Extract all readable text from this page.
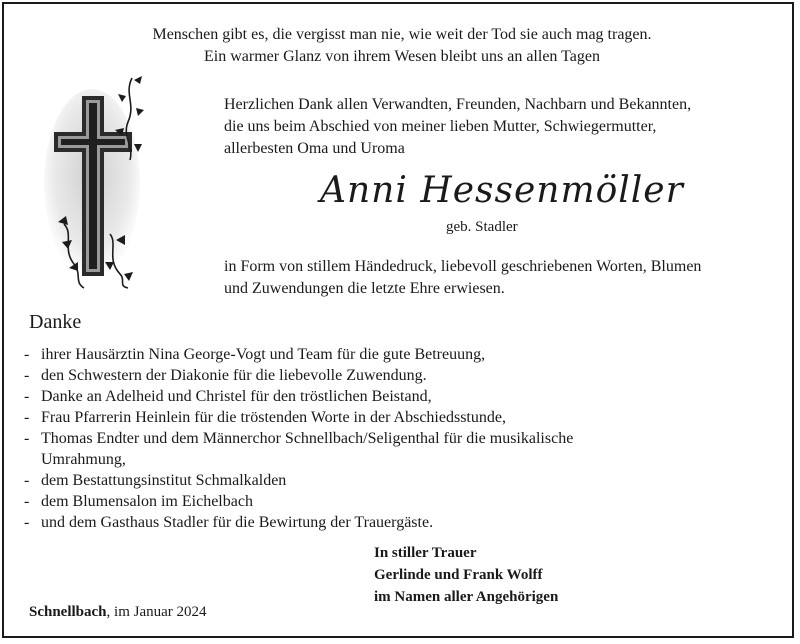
Menschen gibt es, die vergisst man nie, wie weit der Tod sie auch mag tragen.
Ein warmer Glanz von ihrem Wesen bleibt uns an allen Tagen
Herzlichen Dank allen Verwandten, Freunden, Nachbarn und Bekannten,
die uns beim Abschied von meiner lieben Mutter, Schwiegermutter,
allerbesten Oma und Uroma
Anni Hessenmöller
geb. Stadler
in Form von stillem Händedruck, liebevoll geschriebenen Worten, Blumen
und Zuwendungen die letzte Ehre erwiesen.
Danke
- ihrer Hausärztin Nina George-Vogt und Team für die gute Betreuung,
- den Schwestern der Diakonie für die liebevolle Zuwendung.
- Danke an Adelheid und Christel für den tröstlichen Beistand,
- Frau Pfarrerin Heinlein für die tröstenden Worte in der Abschiedsstunde,
- Thomas Endter und dem Männerchor Schnellbach/Seligenthal für die musikalische
Umrahmung,
- dem Bestattungsinstitut Schmalkalden
- dem Blumensalon im Eichelbach
- und dem Gasthaus Stadler für die Bewirtung der Trauergäste.
In stiller Trauer
Gerlinde und Frank Wolff
im Namen aller Angehörigen
Schnellbach, im Januar 2024
